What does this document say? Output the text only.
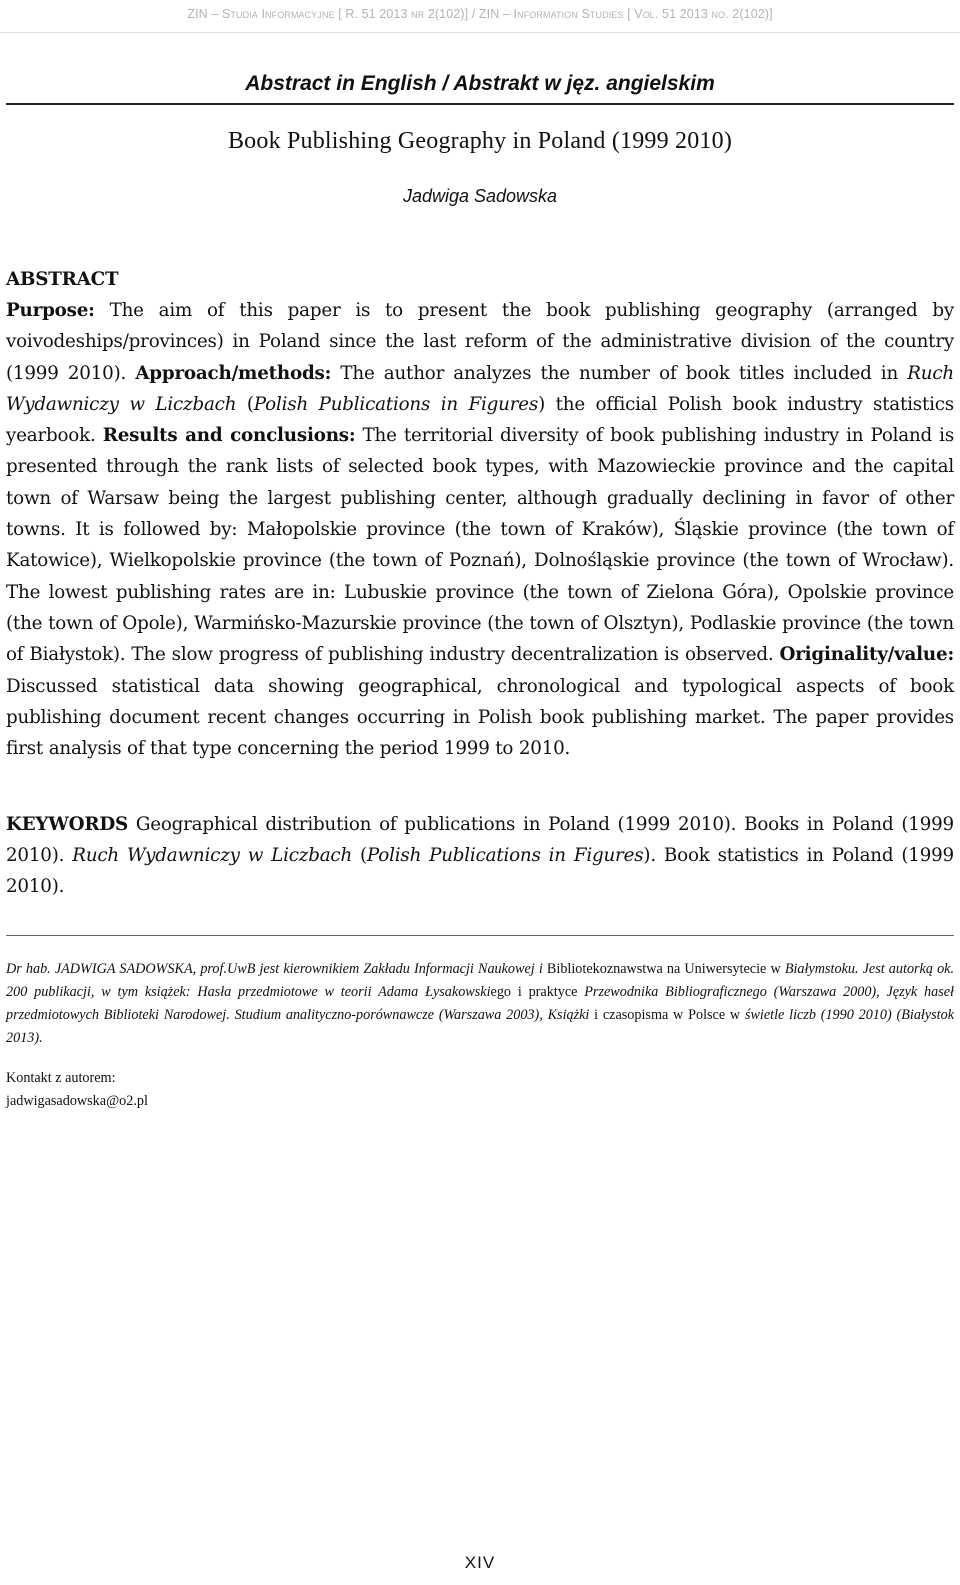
ZIN – Studia Informacyjne [ R. 51 2013 nr 2(102)] / ZIN – Information Studies [ Vol. 51 2013 no. 2(102)]
Abstract in English / Abstrakt w jęz. angielskim
Book Publishing Geography in Poland (1999 2010)
Jadwiga Sadowska
ABSTRACT
Purpose: The aim of this paper is to present the book publishing geography (arranged by voivodeships/provinces) in Poland since the last reform of the administrative division of the country (1999 2010). Approach/methods: The author analyzes the number of book titles included in Ruch Wydawniczy w Liczbach (Polish Publications in Figures) the official Polish book industry statistics yearbook. Results and conclusions: The territorial diversity of book publishing industry in Poland is presented through the rank lists of selected book types, with Mazowieckie province and the capital town of Warsaw being the largest publishing center, although gradually declining in favor of other towns. It is followed by: Małopolskie province (the town of Kraków), Śląskie province (the town of Katowice), Wielkopolskie province (the town of Poznań), Dolnośląskie province (the town of Wrocław). The lowest publishing rates are in: Lubuskie province (the town of Zielona Góra), Opolskie province (the town of Opole), Warmińsko-Mazurskie province (the town of Olsztyn), Podlaskie province (the town of Białystok). The slow progress of publishing industry decentralization is observed. Originality/value: Discussed statistical data showing geographical, chronological and typological aspects of book publishing document recent changes occurring in Polish book publishing market. The paper provides first analysis of that type concerning the period 1999 to 2010.
KEYWORDS Geographical distribution of publications in Poland (1999 2010). Books in Poland (1999 2010). Ruch Wydawniczy w Liczbach (Polish Publications in Figures). Book statistics in Poland (1999 2010).
Dr hab. JADWIGA SADOWSKA, prof.UwB jest kierownikiem Zakładu Informacji Naukowej i Bibliotekoznawstwa na Uniwersytecie w Białymstoku. Jest autorką ok. 200 publikacji, w tym książek: Hasła przedmiotowe w teorii Adama Łysakowskiego i praktyce Przewodnika Bibliograficznego (Warszawa 2000), Język haseł przedmiotowych Biblioteki Narodowej. Studium analityczno-porównawcze (Warszawa 2003), Książki i czasopisma w Polsce w świetle liczb (1990 2010) (Białystok 2013).
Kontakt z autorem:
jadwigasadowska@o2.pl
XIV
